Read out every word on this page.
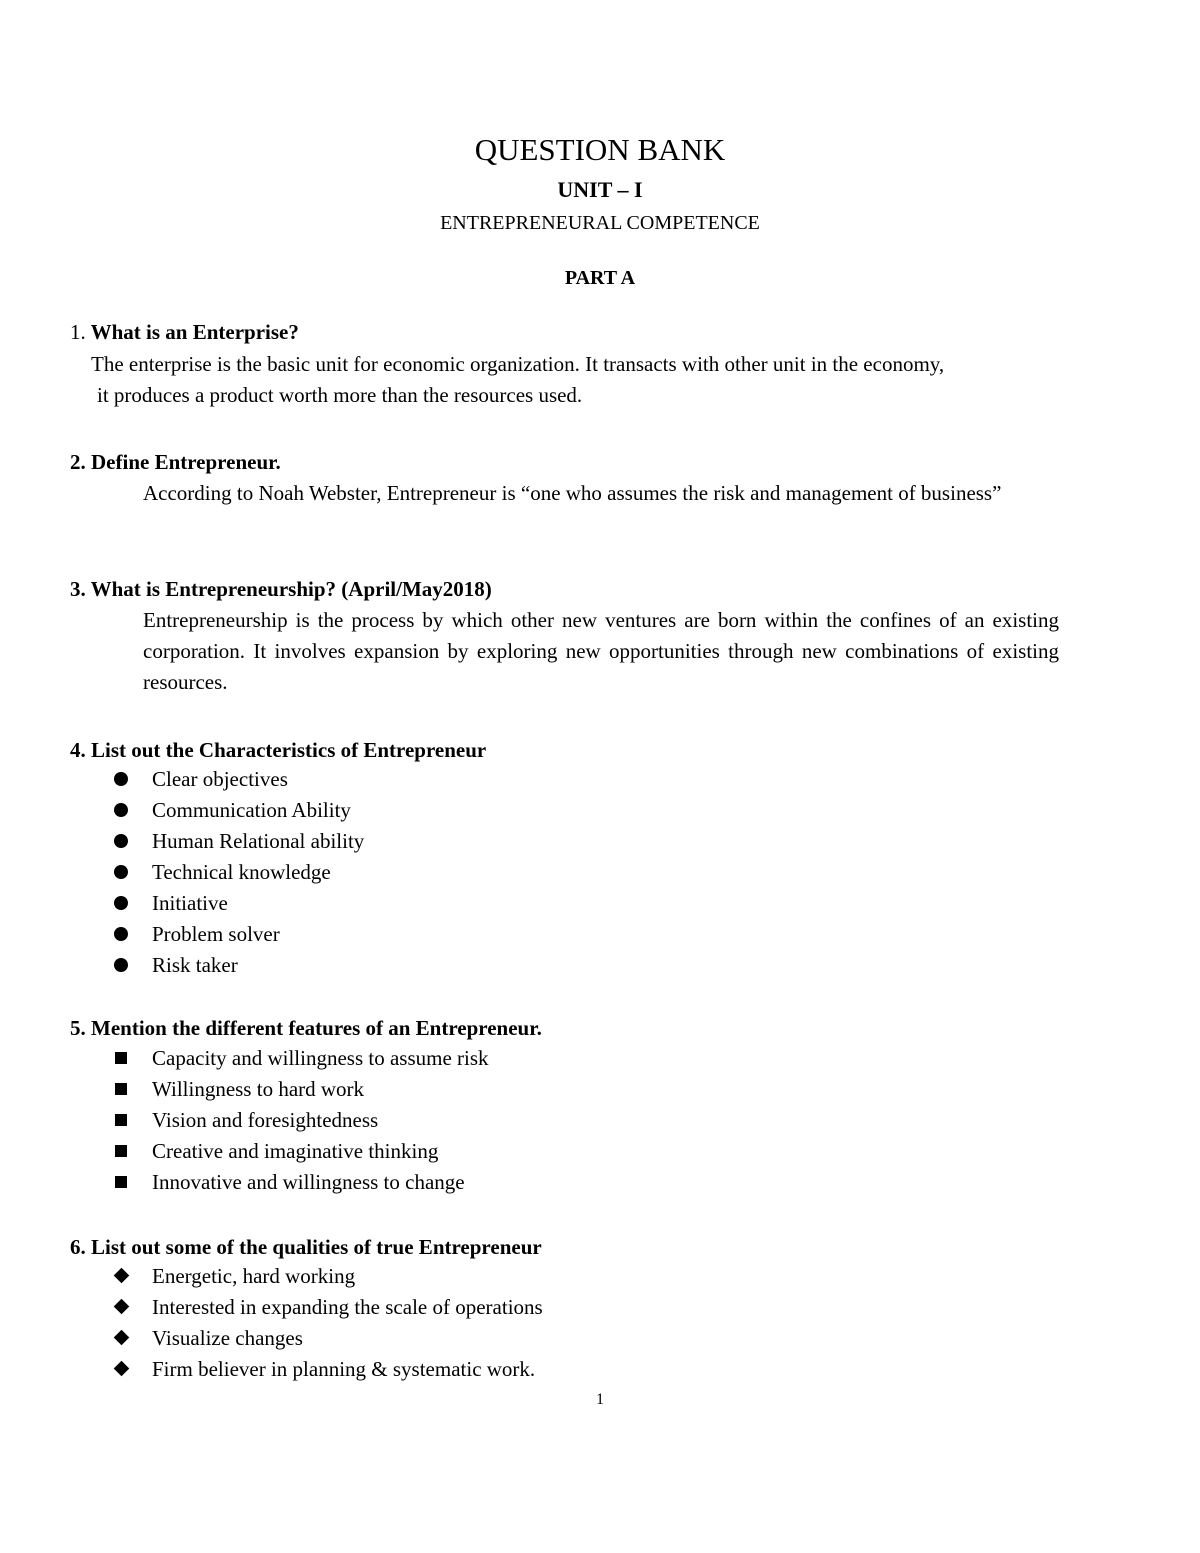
QUESTION BANK
UNIT – I
ENTREPRENEURAL COMPETENCE
PART A
1. What is an Enterprise?
The enterprise is the basic unit for economic organization. It transacts with other unit in the economy,
it produces a product worth more than the resources used.
2. Define Entrepreneur.
According to Noah Webster, Entrepreneur is “one who assumes the risk and management of business”
3. What is Entrepreneurship? (April/May2018)
Entrepreneurship is the process by which other new ventures are born within the confines of an existing corporation. It involves expansion by exploring new opportunities through new combinations of existing resources.
4. List out the Characteristics of Entrepreneur
Clear objectives
Communication Ability
Human Relational ability
Technical knowledge
Initiative
Problem solver
Risk taker
5. Mention the different features of an Entrepreneur.
Capacity and willingness to assume risk
Willingness to hard work
Vision and foresightedness
Creative and imaginative thinking
Innovative and willingness to change
6. List out some of the qualities of true Entrepreneur
Energetic, hard working
Interested in expanding the scale of operations
Visualize changes
Firm believer in planning & systematic work.
1
